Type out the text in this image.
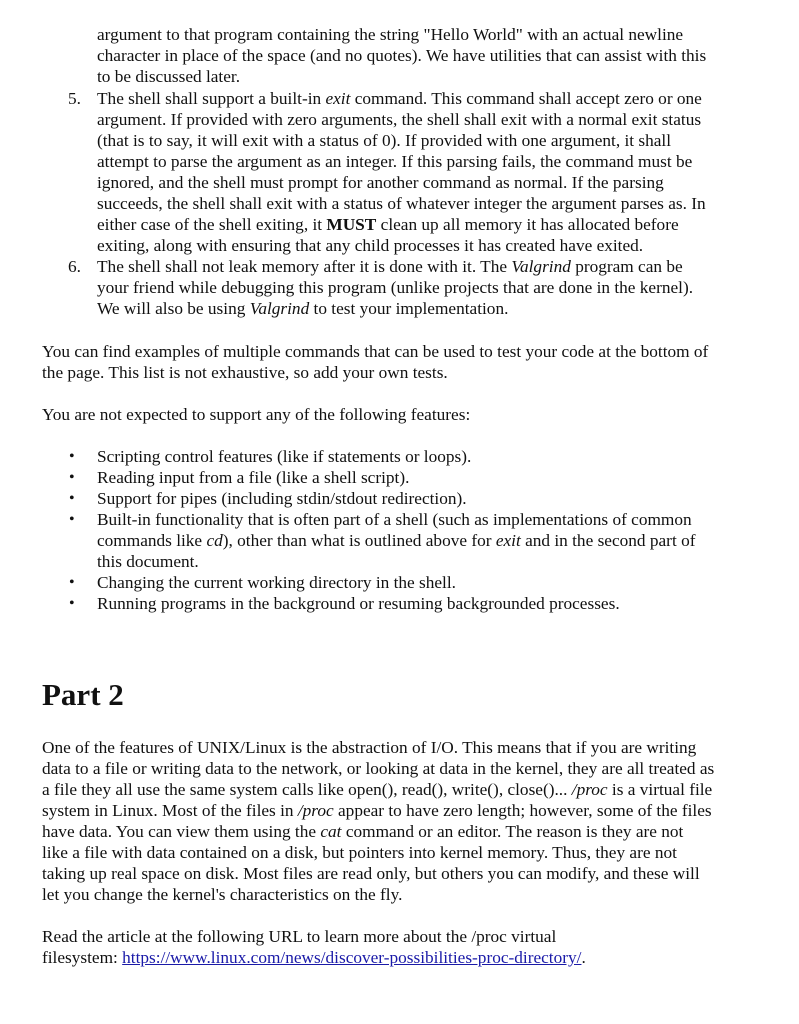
argument to that program containing the string "Hello World" with an actual newline
character in place of the space (and no quotes). We have utilities that can assist with this
to be discussed later.
5. The shell shall support a built-in exit command. This command shall accept zero or one
argument. If provided with zero arguments, the shell shall exit with a normal exit status
(that is to say, it will exit with a status of 0). If provided with one argument, it shall
attempt to parse the argument as an integer. If this parsing fails, the command must be
ignored, and the shell must prompt for another command as normal. If the parsing
succeeds, the shell shall exit with a status of whatever integer the argument parses as. In
either case of the shell exiting, it MUST clean up all memory it has allocated before
exiting, along with ensuring that any child processes it has created have exited.
6. The shell shall not leak memory after it is done with it. The Valgrind program can be
your friend while debugging this program (unlike projects that are done in the kernel).
We will also be using Valgrind to test your implementation.
You can find examples of multiple commands that can be used to test your code at the bottom of
the page. This list is not exhaustive, so add your own tests.
You are not expected to support any of the following features:
• Scripting control features (like if statements or loops).
• Reading input from a file (like a shell script).
• Support for pipes (including stdin/stdout redirection).
• Built-in functionality that is often part of a shell (such as implementations of common
commands like cd), other than what is outlined above for exit and in the second part of
this document.
• Changing the current working directory in the shell.
• Running programs in the background or resuming backgrounded processes.
Part 2
One of the features of UNIX/Linux is the abstraction of I/O. This means that if you are writing
data to a file or writing data to the network, or looking at data in the kernel, they are all treated as
a file they all use the same system calls like open(), read(), write(), close()... /proc is a virtual file
system in Linux. Most of the files in /proc appear to have zero length; however, some of the files
have data. You can view them using the cat command or an editor. The reason is they are not
like a file with data contained on a disk, but pointers into kernel memory. Thus, they are not
taking up real space on disk. Most files are read only, but others you can modify, and these will
let you change the kernel's characteristics on the fly.
Read the article at the following URL to learn more about the /proc virtual
filesystem: https://www.linux.com/news/discover-possibilities-proc-directory/.
